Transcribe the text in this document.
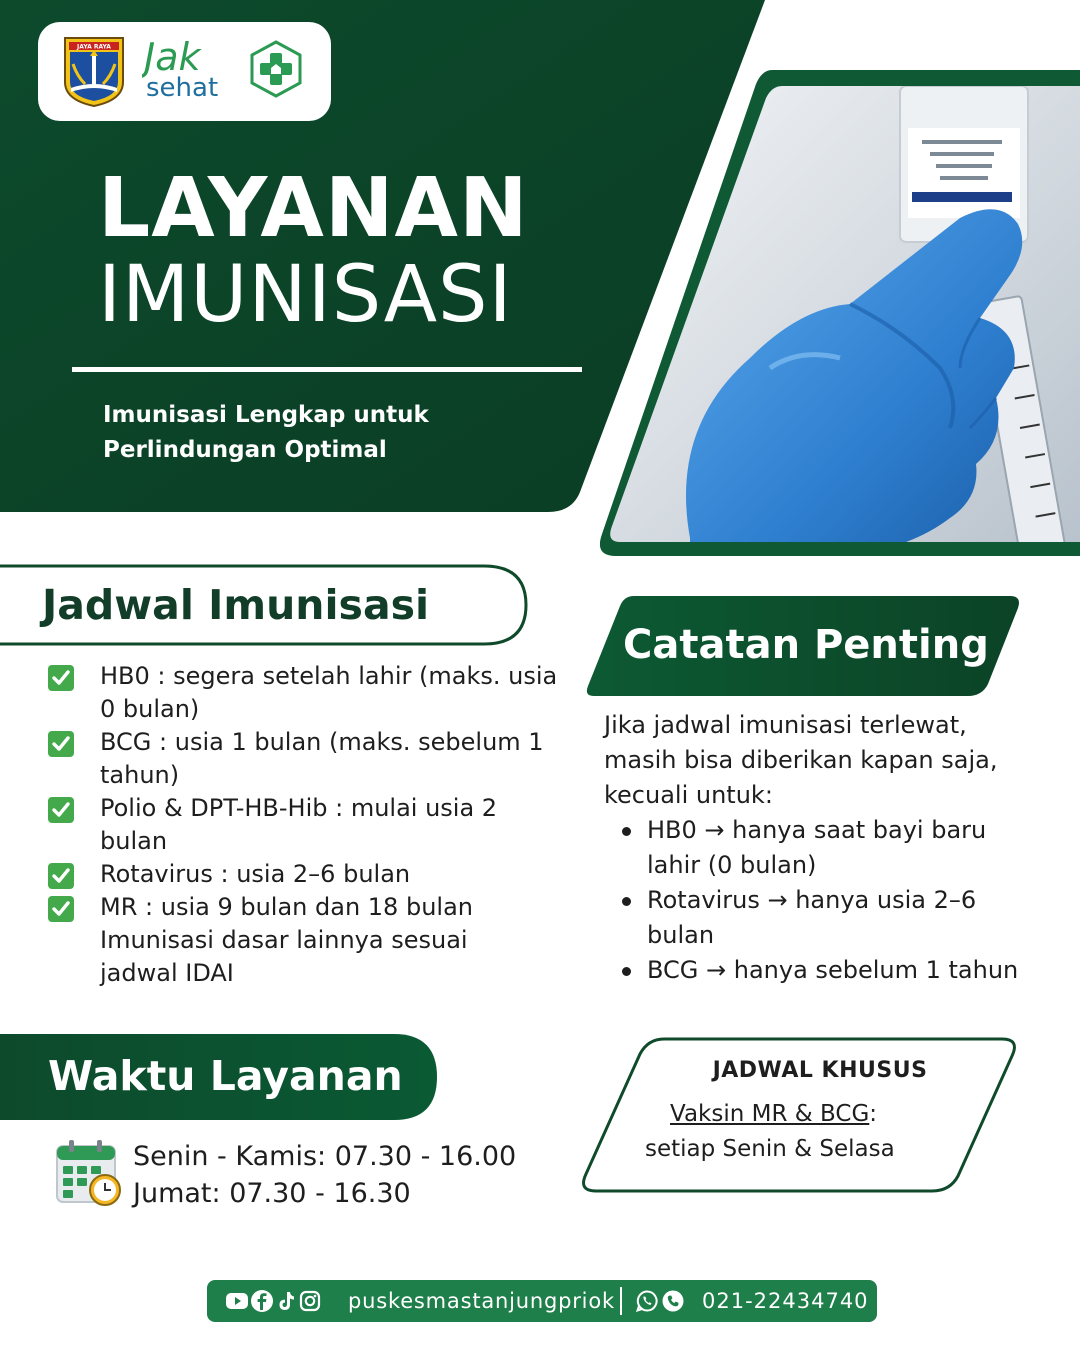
JAYA RAYA Jak
sehat
LAYANAN
IMUNISASI
Imunisasi Lengkap untuk
Perlindungan Optimal
Jadwal Imunisasi
HB0 : segera setelah lahir (maks. usia 0 bulan)
BCG : usia 1 bulan (maks. sebelum 1 tahun)
Polio & DPT-HB-Hib : mulai usia 2 bulan
Rotavirus : usia 2–6 bulan
MR : usia 9 bulan dan 18 bulan
Imunisasi dasar lainnya sesuai jadwal IDAI
Waktu Layanan
Senin - Kamis: 07.30 - 16.00
Jumat: 07.30 - 16.30
Catatan Penting
Jika jadwal imunisasi terlewat, masih bisa diberikan kapan saja, kecuali untuk:
HB0 → hanya saat bayi baru lahir (0 bulan)
Rotavirus → hanya usia 2–6 bulan
BCG → hanya sebelum 1 tahun
JADWAL KHUSUS
Vaksin MR & BCG:
setiap Senin & Selasa
puskesmastanjungpriok	021-22434740
